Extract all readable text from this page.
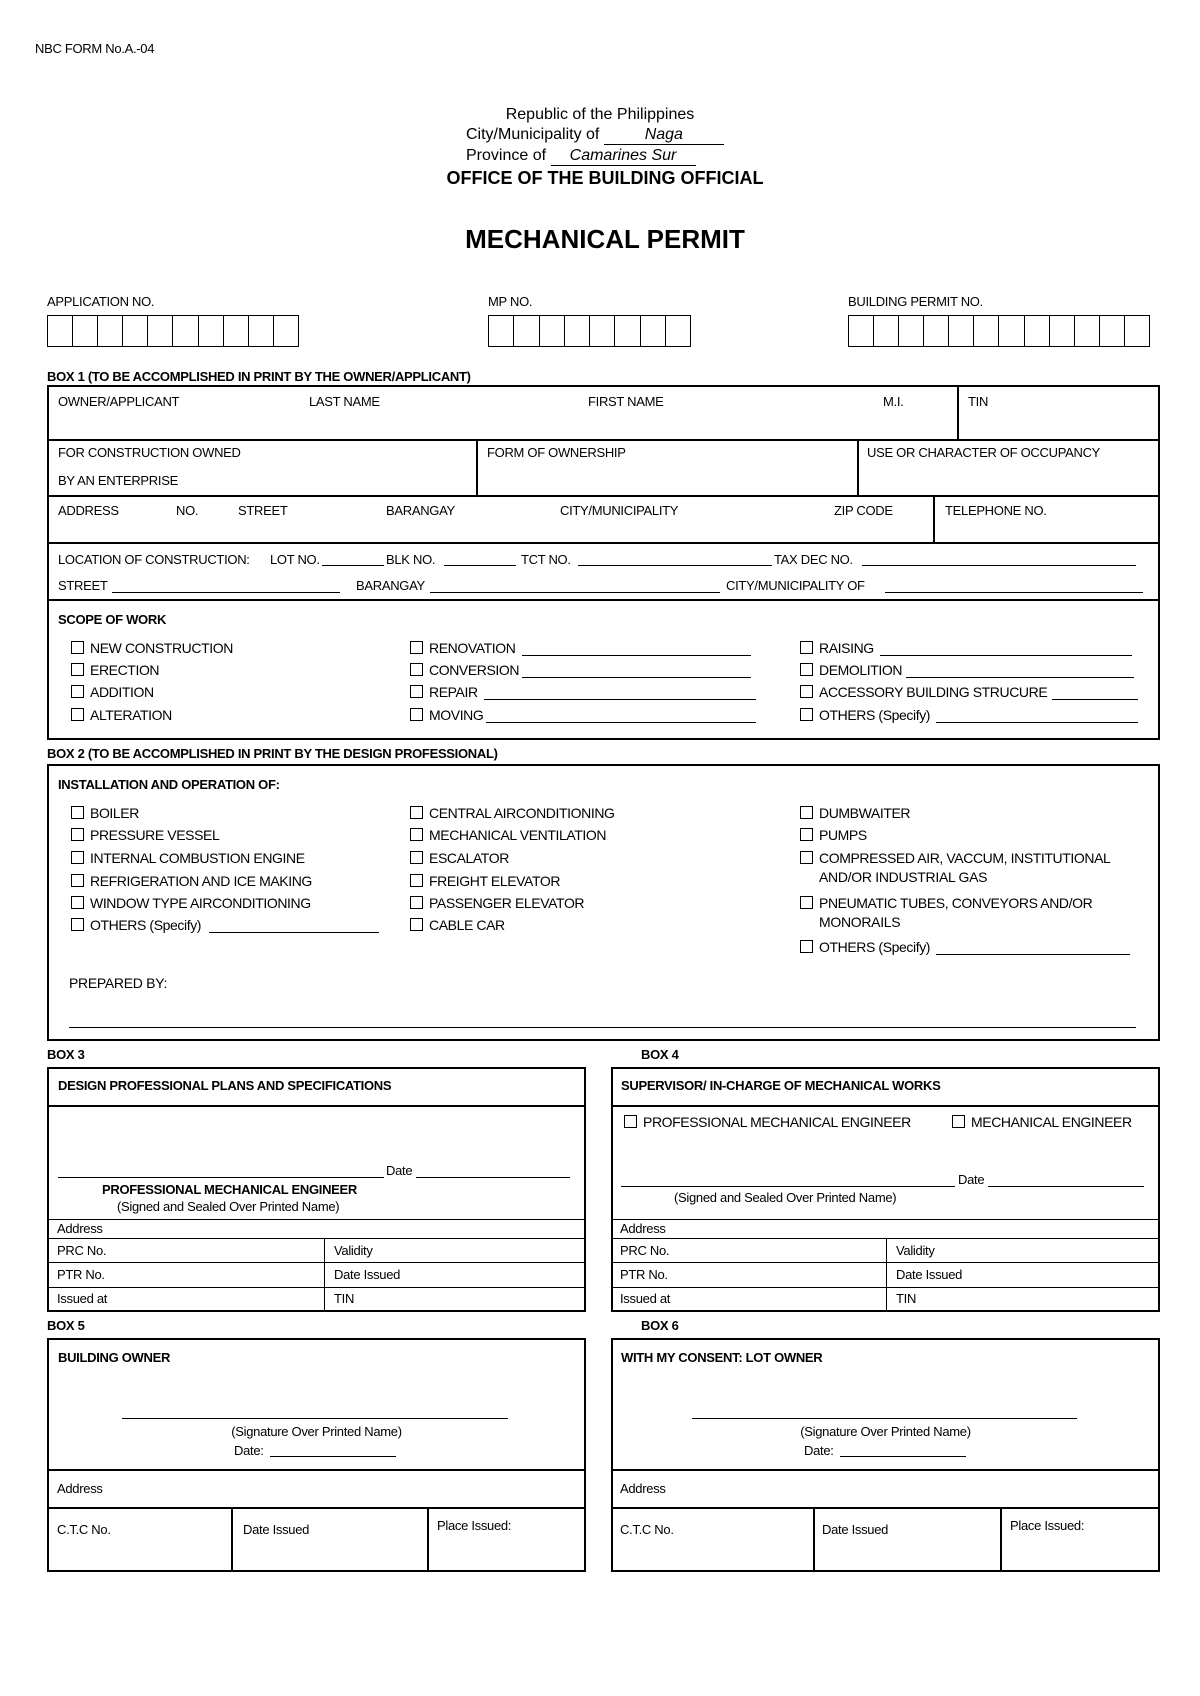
NBC FORM No.A.-04
Republic of the Philippines
City/Municipality of	Naga
Province of Camarines Sur
OFFICE OF THE BUILDING OFFICIAL
MECHANICAL PERMIT
APPLICATION NO.	MP NO.	BUILDING PERMIT NO.
BOX 1 (TO BE ACCOMPLISHED IN PRINT BY THE OWNER/APPLICANT)
OWNER/APPLICANT	LAST NAME	FIRST NAME	M.I.	TIN
FOR CONSTRUCTION OWNED
BY AN ENTERPRISE
FORM OF OWNERSHIP	USE OR CHARACTER OF OCCUPANCY
ADDRESS	NO.	STREET	BARANGAY	CITY/MUNICIPALITY	ZIP CODE	TELEPHONE NO.
LOCATION OF CONSTRUCTION: LOT NO.	BLK NO.	TCT NO.	TAX DEC NO.
STREET	BARANGAY	CITY/MUNICIPALITY OF
SCOPE OF WORK
NEW CONSTRUCTION
ERECTION
ADDITION
ALTERATION
RENOVATION
CONVERSION
REPAIR
MOVING
RAISING
DEMOLITION
ACCESSORY BUILDING STRUCURE
OTHERS (Specify)
BOX 2 (TO BE ACCOMPLISHED IN PRINT BY THE DESIGN PROFESSIONAL)
INSTALLATION AND OPERATION OF:
BOILER
PRESSURE VESSEL
INTERNAL COMBUSTION ENGINE
REFRIGERATION AND ICE MAKING
WINDOW TYPE AIRCONDITIONING
OTHERS (Specify)
CENTRAL AIRCONDITIONING
MECHANICAL VENTILATION
ESCALATOR
FREIGHT ELEVATOR
PASSENGER ELEVATOR
CABLE CAR
DUMBWAITER
PUMPS
COMPRESSED AIR, VACCUM, INSTITUTIONAL
AND/OR INDUSTRIAL GAS
PNEUMATIC TUBES, CONVEYORS AND/OR
MONORAILS
OTHERS (Specify)
PREPARED BY:
BOX 3
DESIGN PROFESSIONAL PLANS AND SPECIFICATIONS
Date
PROFESSIONAL MECHANICAL ENGINEER
(Signed and Sealed Over Printed Name)
Address
PRC No.	Validity
PTR No.	Date Issued
Issued at	TIN
BOX 4
SUPERVISOR/ IN-CHARGE OF MECHANICAL WORKS
PROFESSIONAL MECHANICAL ENGINEER	MECHANICAL ENGINEER
Date
(Signed and Sealed Over Printed Name)
Address
PRC No.	Validity
PTR No.	Date Issued
Issued at	TIN
BOX 5
BUILDING OWNER
(Signature Over Printed Name)
Date:
Address
C.T.C No.	Date Issued	Place Issued:
BOX 6
WITH MY CONSENT: LOT OWNER
(Signature Over Printed Name)
Date:
Address
C.T.C No.	Date Issued	Place Issued:
